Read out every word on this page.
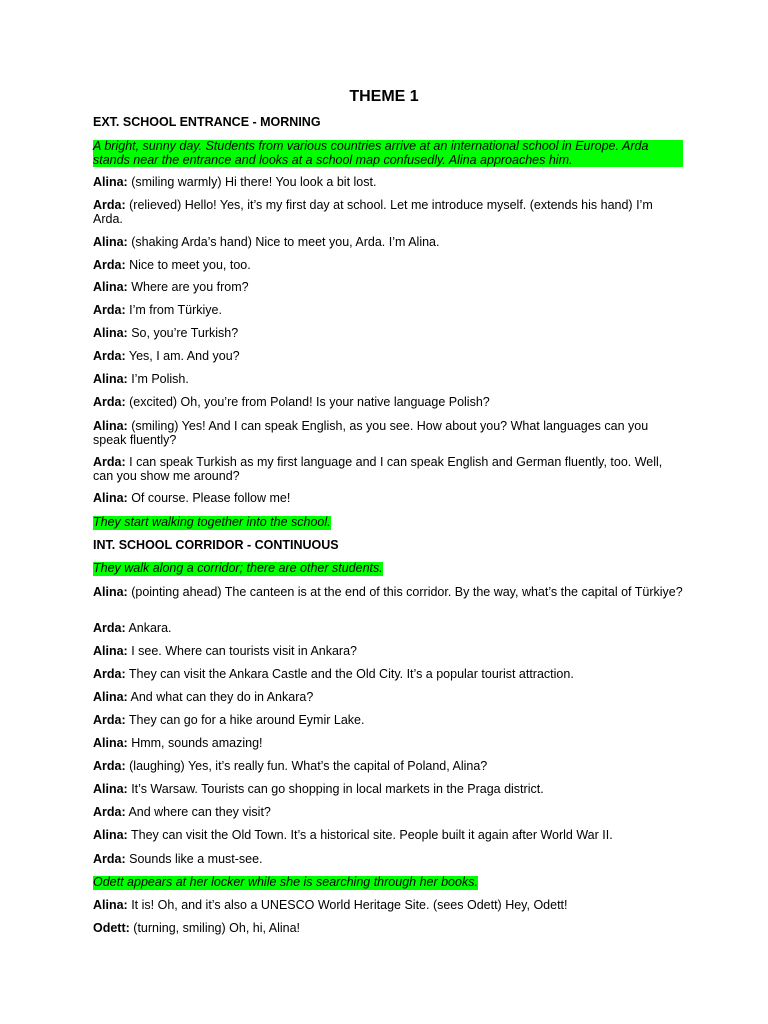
THEME 1
EXT. SCHOOL ENTRANCE - MORNING
A bright, sunny day. Students from various countries arrive at an international school in Europe. Arda stands near the entrance and looks at a school map confusedly. Alina approaches him.
Alina: (smiling warmly) Hi there! You look a bit lost.
Arda: (relieved) Hello! Yes, it’s my first day at school. Let me introduce myself. (extends his hand) I’m Arda.
Alina: (shaking Arda’s hand) Nice to meet you, Arda. I’m Alina.
Arda: Nice to meet you, too.
Alina: Where are you from?
Arda: I’m from Türkiye.
Alina: So, you’re Turkish?
Arda: Yes, I am. And you?
Alina: I’m Polish.
Arda: (excited) Oh, you’re from Poland! Is your native language Polish?
Alina: (smiling) Yes! And I can speak English, as you see. How about you? What languages can you speak fluently?
Arda: I can speak Turkish as my first language and I can speak English and German fluently, too. Well, can you show me around?
Alina: Of course. Please follow me!
They start walking together into the school.
INT. SCHOOL CORRIDOR - CONTINUOUS
They walk along a corridor; there are other students.
Alina: (pointing ahead) The canteen is at the end of this corridor. By the way, what’s the capital of Türkiye?
Arda: Ankara.
Alina: I see. Where can tourists visit in Ankara?
Arda: They can visit the Ankara Castle and the Old City. It’s a popular tourist attraction.
Alina: And what can they do in Ankara?
Arda: They can go for a hike around Eymir Lake.
Alina: Hmm, sounds amazing!
Arda: (laughing) Yes, it’s really fun. What’s the capital of Poland, Alina?
Alina: It’s Warsaw. Tourists can go shopping in local markets in the Praga district.
Arda: And where can they visit?
Alina: They can visit the Old Town. It’s a historical site. People built it again after World War II.
Arda: Sounds like a must-see.
Odett appears at her locker while she is searching through her books.
Alina: It is! Oh, and it’s also a UNESCO World Heritage Site. (sees Odett) Hey, Odett!
Odett: (turning, smiling) Oh, hi, Alina!
